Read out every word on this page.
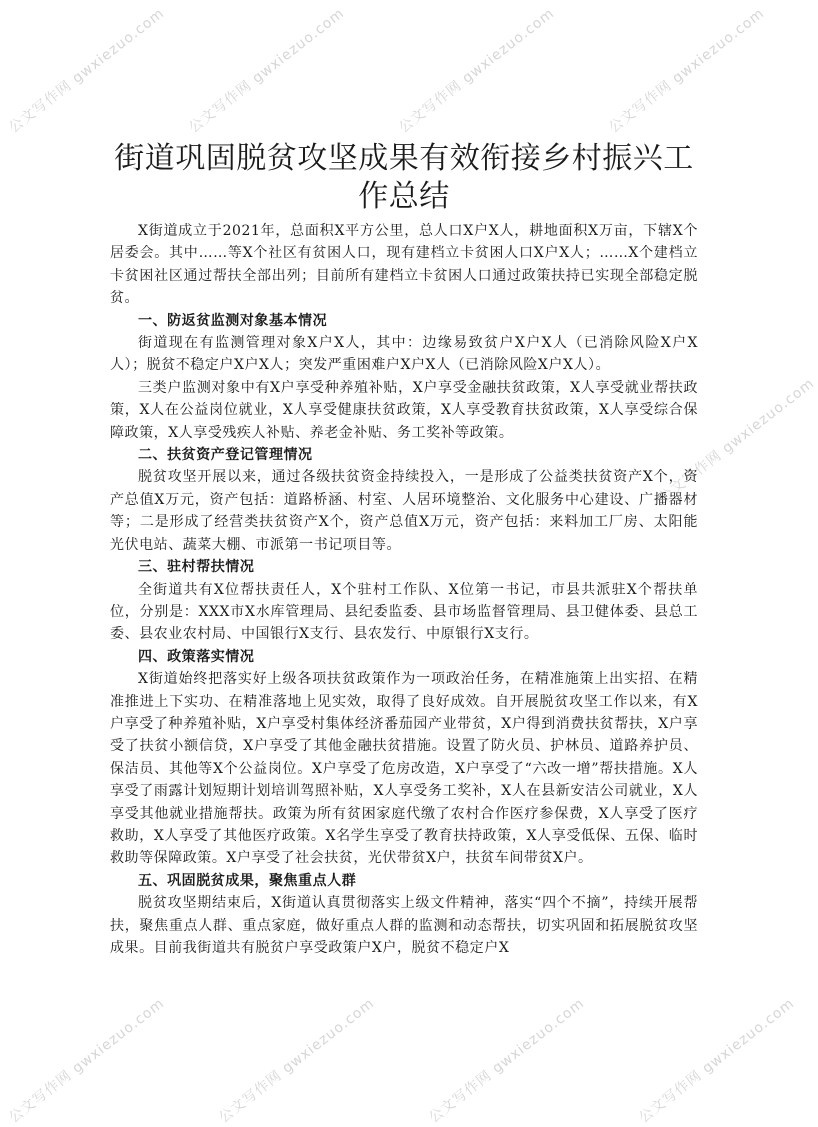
公文写作网 gwxiezuo.com 公文写作网 gwxiezuo.com	公文写作网 gwxiezuo.com	公文写作网 gwxiezuo.com
公文写作网 gwxiezuo.com
公文写作网 gwxiezuo.com
公文写作网 gwxiezuo.com
公文写作网 gwxiezuo.com
公文写作网 gwxiezuo.com
街道巩固脱贫攻坚成果有效衔接乡村振兴工作总结

X街道成立于2021年，总面积X平方公里，总人口X户X人，耕地面积X万亩，下辖X个居委会。其中……等X个社区有贫困人口，现有建档立卡贫困人口X户X人；……X个建档立卡贫困社区通过帮扶全部出列；目前所有建档立卡贫困人口通过政策扶持已实现全部稳定脱贫。

一、防返贫监测对象基本情况

街道现在有监测管理对象X户X人，其中：边缘易致贫户X户X人（已消除风险X户X人）；脱贫不稳定户X户X人；突发严重困难户X户X人（已消除风险X户X人）。

三类户监测对象中有X户享受种养殖补贴，X户享受金融扶贫政策，X人享受就业帮扶政策，X人在公益岗位就业，X人享受健康扶贫政策，X人享受教育扶贫政策，X人享受综合保障政策，X人享受残疾人补贴、养老金补贴、务工奖补等政策。

二、扶贫资产登记管理情况

脱贫攻坚开展以来，通过各级扶贫资金持续投入，一是形成了公益类扶贫资产X个，资产总值X万元，资产包括：道路桥涵、村室、人居环境整治、文化服务中心建设、广播器材等；二是形成了经营类扶贫资产X个，资产总值X万元，资产包括：来料加工厂房、太阳能光伏电站、蔬菜大棚、市派第一书记项目等。

三、驻村帮扶情况

全街道共有X位帮扶责任人，X个驻村工作队、X位第一书记，市县共派驻X个帮扶单位，分别是：XXX市X水库管理局、县纪委监委、县市场监督管理局、县卫健体委、县总工委、县农业农村局、中国银行X支行、县农发行、中原银行X支行。

四、政策落实情况

X街道始终把落实好上级各项扶贫政策作为一项政治任务，在精准施策上出实招、在精准推进上下实功、在精准落地上见实效，取得了良好成效。自开展脱贫攻坚工作以来，有X户享受了种养殖补贴，X户享受村集体经济番茄园产业带贫，X户得到消费扶贫帮扶，X户享受了扶贫小额信贷，X户享受了其他金融扶贫措施。设置了防火员、护林员、道路养护员、保洁员、其他等X个公益岗位。X户享受了危房改造，X户享受了“六改一增”帮扶措施。X人享受了雨露计划短期计划培训驾照补贴，X人享受务工奖补，X人在县新安洁公司就业，X人享受其他就业措施帮扶。政策为所有贫困家庭代缴了农村合作医疗参保费，X人享受了医疗救助，X人享受了其他医疗政策。X名学生享受了教育扶持政策，X人享受低保、五保、临时救助等保障政策。X户享受了社会扶贫，光伏带贫X户，扶贫车间带贫X户。

五、巩固脱贫成果，聚焦重点人群

脱贫攻坚期结束后，X街道认真贯彻落实上级文件精神，落实“四个不摘”，持续开展帮扶，聚焦重点人群、重点家庭，做好重点人群的监测和动态帮扶，切实巩固和拓展脱贫攻坚成果。目前我街道共有脱贫户享受政策户X户，脱贫不稳定户X
